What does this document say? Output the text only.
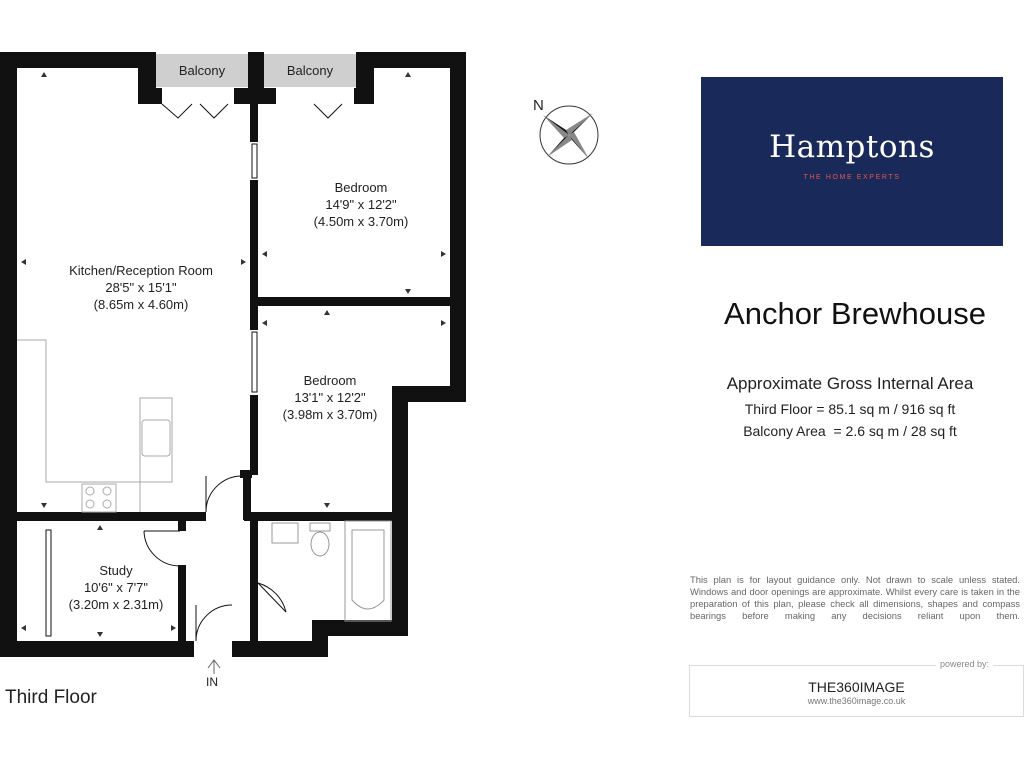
Balcony	Balcony
Kitchen/Reception Room
28'5" x 15'1"
(8.65m x 4.60m)
Bedroom
14'9" x 12'2"
(4.50m x 3.70m)
Bedroom
13'1" x 12'2"
(3.98m x 3.70m)
Study
10'6" x 7'7"
(3.20m x 2.31m)
IN
Third Floor
N
Hamptons
THE HOME EXPERTS
Anchor Brewhouse
Approximate Gross Internal Area
Third Floor = 85.1 sq m / 916 sq ft
Balcony Area  = 2.6 sq m / 28 sq ft
This plan is for layout guidance only. Not drawn to scale unless stated. Windows and door openings are approximate. Whilst every care is taken in the preparation of this plan, please check all dimensions, shapes and compass bearings before making any decisions reliant upon them.
powered by:
THE360IMAGE
www.the360image.co.uk
